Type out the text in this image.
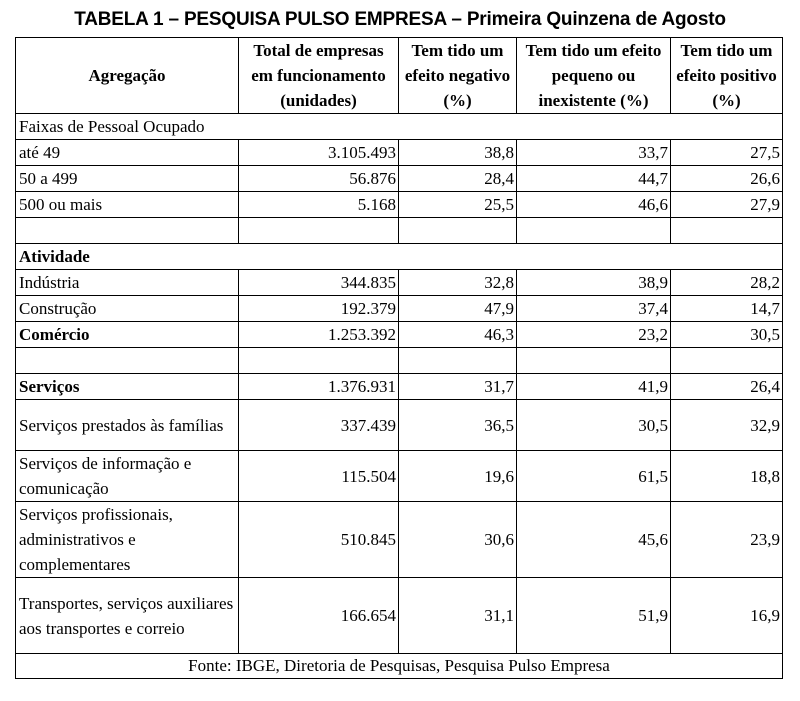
TABELA 1 – PESQUISA PULSO EMPRESA – Primeira Quinzena de Agosto
Agregação	Total de empresas em funcionamento (unidades)	Tem tido um efeito negativo (%)	Tem tido um efeito pequeno ou inexistente (%)	Tem tido um efeito positivo (%)
Faixas de Pessoal Ocupado				
até 49	3.105.493	38,8	33,7	27,5
50 a 499	56.876	28,4	44,7	26,6
500 ou mais	5.168	25,5	46,6	27,9

Atividade				
Indústria	344.835	32,8	38,9	28,2
Construção	192.379	47,9	37,4	14,7
Comércio	1.253.392	46,3	23,2	30,5

Serviços	1.376.931	31,7	41,9	26,4
Serviços prestados às famílias	337.439	36,5	30,5	32,9
Serviços de informação e comunicação	115.504	19,6	61,5	18,8
Serviços profissionais, administrativos e complementares	510.845	30,6	45,6	23,9
Transportes, serviços auxiliares aos transportes e correio	166.654	31,1	51,9	16,9
Fonte: IBGE, Diretoria de Pesquisas, Pesquisa Pulso Empresa				
